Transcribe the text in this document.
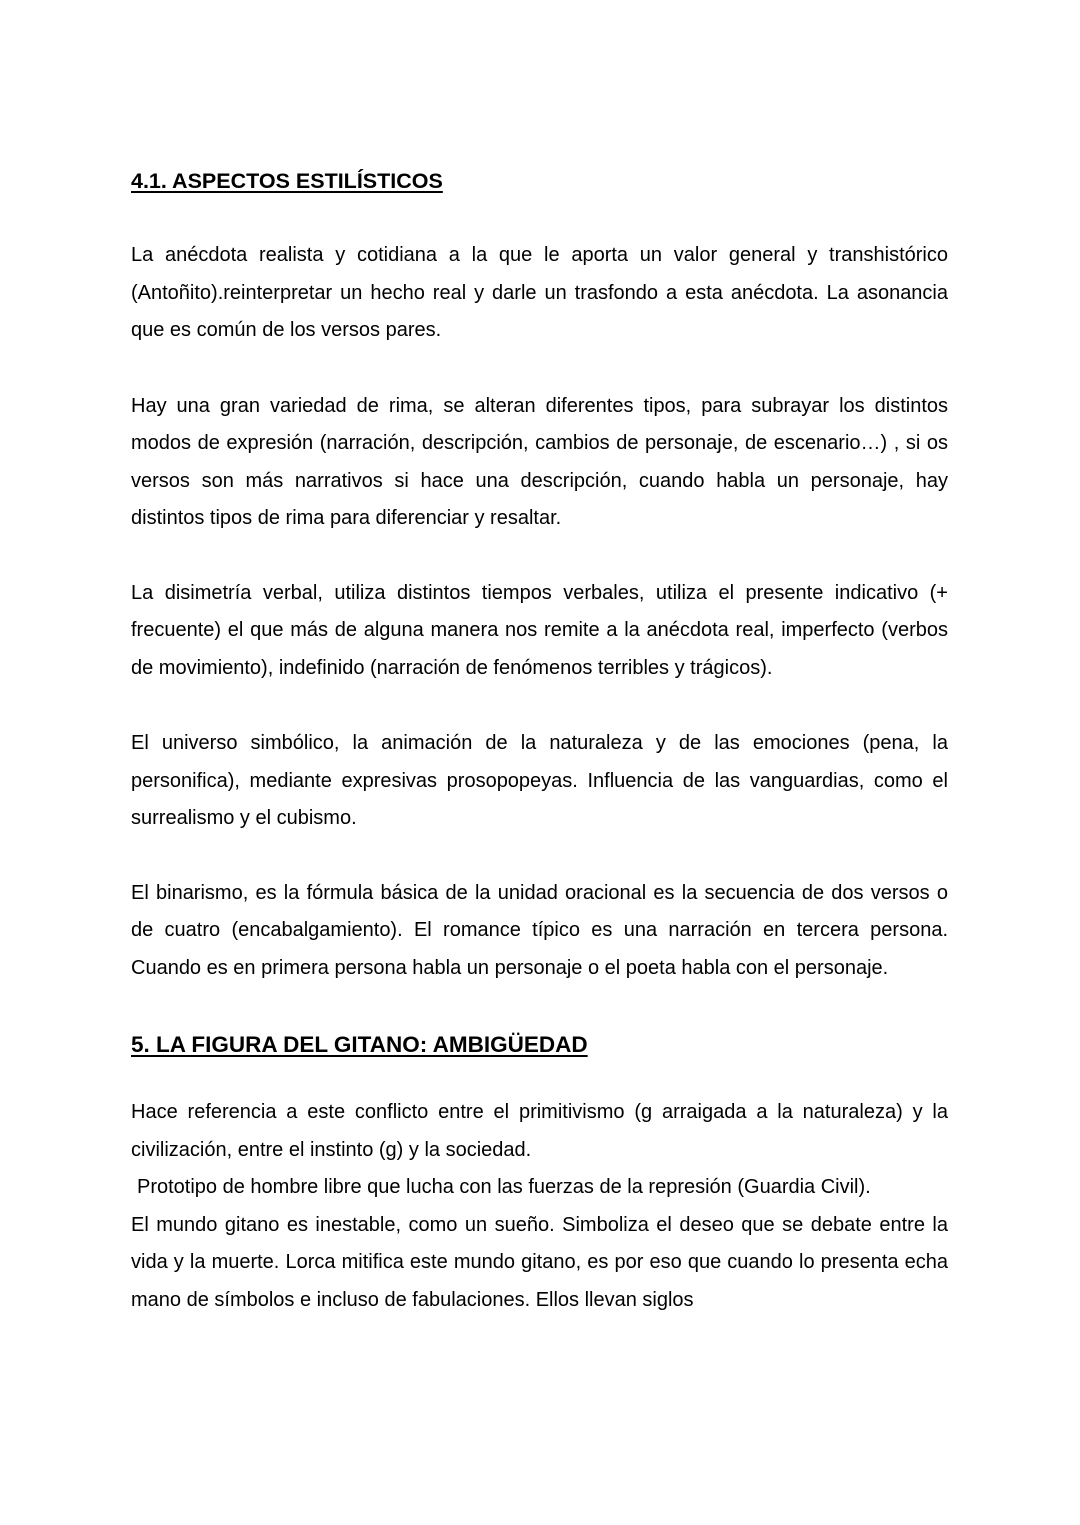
4.1. ASPECTOS ESTILÍSTICOS

La anécdota realista y cotidiana a la que le aporta un valor general y transhistórico (Antoñito).reinterpretar un hecho real y darle un trasfondo a esta anécdota. La asonancia que es común de los versos pares.

Hay una gran variedad de rima, se alteran diferentes tipos, para subrayar los distintos modos de expresión (narración, descripción, cambios de personaje, de escenario…) , si os versos son más narrativos si hace una descripción, cuando habla un personaje, hay distintos tipos de rima para diferenciar y resaltar.

La disimetría verbal, utiliza distintos tiempos verbales, utiliza el presente indicativo (+ frecuente) el que más de alguna manera nos remite a la anécdota real, imperfecto (verbos de movimiento), indefinido (narración de fenómenos terribles y trágicos).

El universo simbólico, la animación de la naturaleza y de las emociones (pena, la personifica), mediante expresivas prosopopeyas. Influencia de las vanguardias, como el surrealismo y el cubismo.

El binarismo, es la fórmula básica de la unidad oracional es la secuencia de dos versos o de cuatro (encabalgamiento). El romance típico es una narración en tercera persona. Cuando es en primera persona habla un personaje o el poeta habla con el personaje.

5. LA FIGURA DEL GITANO: AMBIGÜEDAD

Hace referencia a este conflicto entre el primitivismo (g arraigada a la naturaleza) y la civilización, entre el instinto (g) y la sociedad.

Prototipo de hombre libre que lucha con las fuerzas de la represión (Guardia Civil).

El mundo gitano es inestable, como un sueño. Simboliza el deseo que se debate entre la vida y la muerte. Lorca mitifica este mundo gitano, es por eso que cuando lo presenta echa mano de símbolos e incluso de fabulaciones. Ellos llevan siglos
